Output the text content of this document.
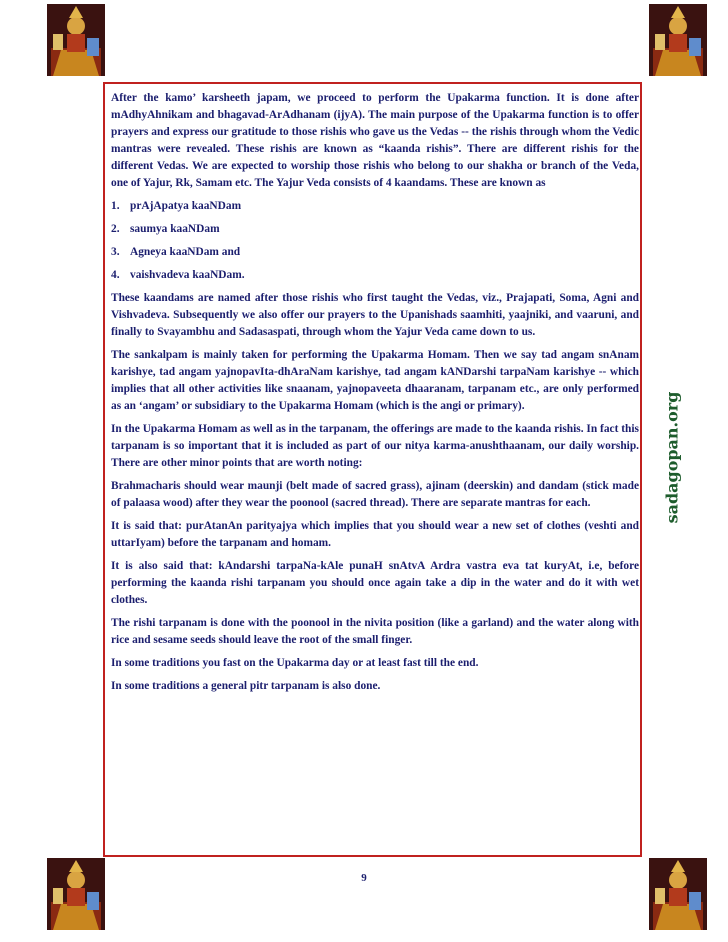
sadagopan.org

After the kamo’ karsheeth japam, we proceed to perform the Upakarma function. It is done after mAdhyAhnikam and bhagavad-ArAdhanam (ijyA). The main purpose of the Upakarma function is to offer prayers and express our gratitude to those rishis who gave us the Vedas -- the rishis through whom the Vedic mantras were revealed. These rishis are known as “kaanda rishis”. There are different rishis for the different Vedas. We are expected to worship those rishis who belong to our shakha or branch of the Veda, one of Yajur, Rk, Samam etc. The Yajur Veda consists of 4 kaandams. These are known as

1. prAjApatya kaaNDam
2. saumya kaaNDam
3. Agneya kaaNDam and
4. vaishvadeva kaaNDam.

These kaandams are named after those rishis who first taught the Vedas, viz., Prajapati, Soma, Agni and Vishvadeva. Subsequently we also offer our prayers to the Upanishads saamhiti, yaajniki, and vaaruni, and finally to Svayambhu and Sadasaspati, through whom the Yajur Veda came down to us.

The sankalpam is mainly taken for performing the Upakarma Homam. Then we say tad angam snAnam karishye, tad angam yajnopavIta-dhAraNam karishye, tad angam kANDarshi tarpaNam karishye -- which implies that all other activities like snaanam, yajnopaveeta dhaaranam, tarpanam etc., are only performed as an ‘angam’ or subsidiary to the Upakarma Homam (which is the angi or primary).

In the Upakarma Homam as well as in the tarpanam, the offerings are made to the kaanda rishis. In fact this tarpanam is so important that it is included as part of our nitya karma-anushthaanam, our daily worship. There are other minor points that are worth noting:

Brahmacharis should wear maunji (belt made of sacred grass), ajinam (deerskin) and dandam (stick made of palaasa wood) after they wear the poonool (sacred thread). There are separate mantras for each.

It is said that: purAtanAn parityajya which implies that you should wear a new set of clothes (veshti and uttarIyam) before the tarpanam and homam.

It is also said that: kAndarshi tarpaNa-kAle punaH snAtvA Ardra vastra eva tat kuryAt, i.e, before performing the kaanda rishi tarpanam you should once again take a dip in the water and do it with wet clothes.

The rishi tarpanam is done with the poonool in the nivita position (like a garland) and the water along with rice and sesame seeds should leave the root of the small finger.

In some traditions you fast on the Upakarma day or at least fast till the end.

In some traditions a general pitr tarpanam is also done.

9
